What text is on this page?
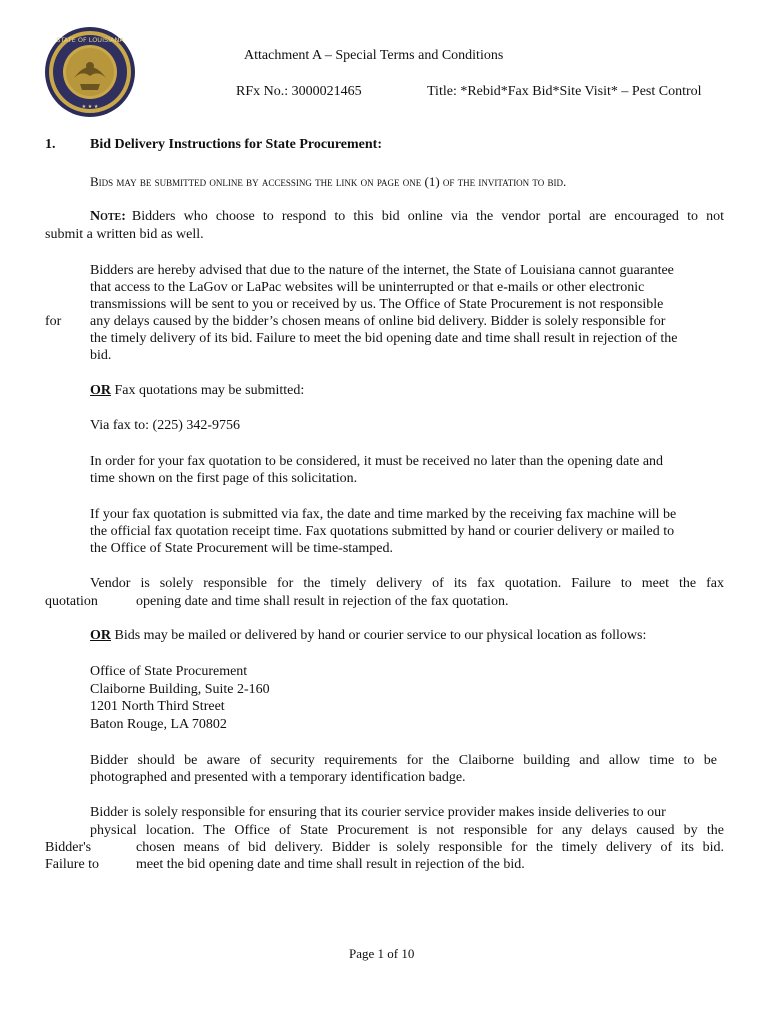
STATE OF LOUISIANA
★ ★ ★
Attachment A – Special Terms and Conditions
RFx No.: 3000021465	Title: *Rebid*Fax Bid*Site Visit* – Pest Control
1. Bid Delivery Instructions for State Procurement:
Bids may be submitted online by accessing the link on page one (1) of the invitation to bid.
Note: Bidders who choose to respond to this bid online via the vendor portal are encouraged to not
submit a written bid as well.
Bidders are hereby advised that due to the nature of the internet, the State of Louisiana cannot guarantee
that access to the LaGov or LaPac websites will be uninterrupted or that e-mails or other electronic
transmissions will be sent to you or received by us. The Office of State Procurement is not responsible
for any delays caused by the bidder’s chosen means of online bid delivery. Bidder is solely responsible for
the timely delivery of its bid. Failure to meet the bid opening date and time shall result in rejection of the
bid.
OR Fax quotations may be submitted:
Via fax to: (225) 342-9756
In order for your fax quotation to be considered, it must be received no later than the opening date and
time shown on the first page of this solicitation.
If your fax quotation is submitted via fax, the date and time marked by the receiving fax machine will be
the official fax quotation receipt time. Fax quotations submitted by hand or courier delivery or mailed to
the Office of State Procurement will be time-stamped.
Vendor is solely responsible for the timely delivery of its fax quotation. Failure to meet the fax
quotation	opening date and time shall result in rejection of the fax quotation.
OR Bids may be mailed or delivered by hand or courier service to our physical location as follows:
Office of State Procurement
Claiborne Building, Suite 2-160
1201 North Third Street
Baton Rouge, LA 70802
Bidder should be aware of security requirements for the Claiborne building and allow time to be
photographed and presented with a temporary identification badge.
Bidder is solely responsible for ensuring that its courier service provider makes inside deliveries to our
physical location. The Office of State Procurement is not responsible for any delays caused by the
Bidder's	chosen means of bid delivery. Bidder is solely responsible for the timely delivery of its bid.
Failure to	meet the bid opening date and time shall result in rejection of the bid.
Page 1 of 10
